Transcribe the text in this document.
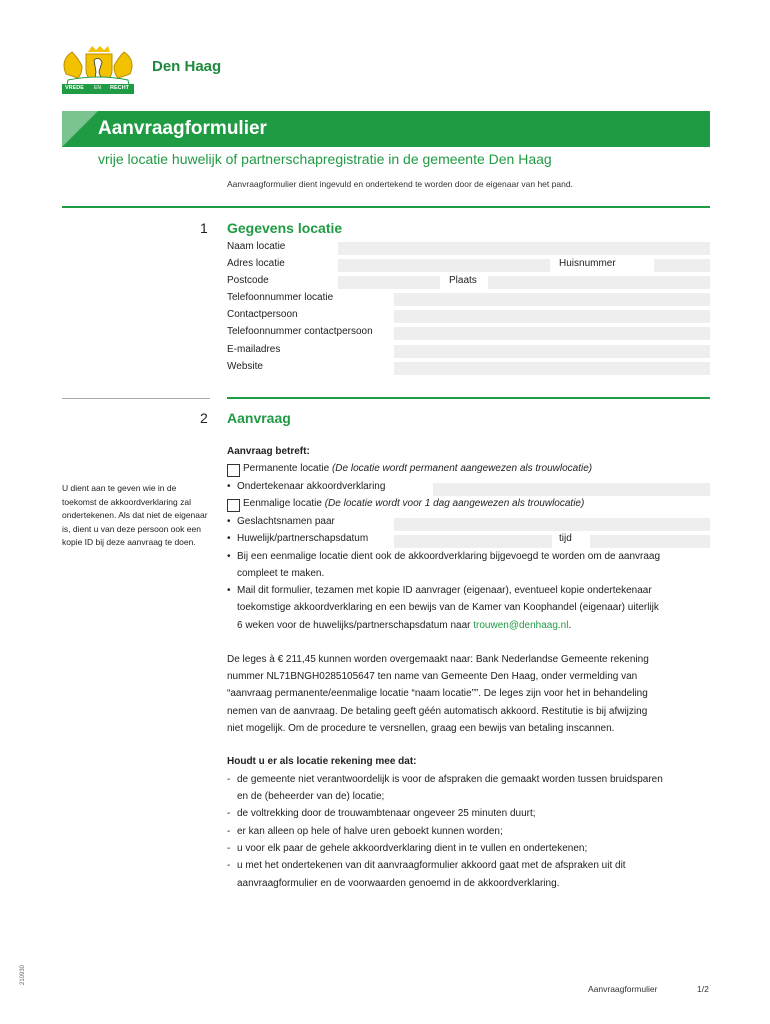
VREDE EN RECHT
Den Haag
Aanvraagformulier
vrije locatie huwelijk of partnerschapregistratie in de gemeente Den Haag
Aanvraagformulier dient ingevuld en ondertekend te worden door de eigenaar van het pand.
1 Gegevens locatie
Naam locatie
Adres locatie	Huisnummer
Postcode	Plaats
Telefoonnummer locatie
Contactpersoon
Telefoonnummer contactpersoon
E-mailadres
Website
2 Aanvraag
U dient aan te geven wie in de toekomst de akkoordverklaring zal ondertekenen. Als dat niet de eigenaar is, dient u van deze persoon ook een kopie ID bij deze aanvraag te doen.
Aanvraag betreft:
Permanente locatie (De locatie wordt permanent aangewezen als trouwlocatie)
• Ondertekenaar akkoordverklaring
Eenmalige locatie (De locatie wordt voor 1 dag aangewezen als trouwlocatie)
• Geslachtsnamen paar
• Huwelijk/partnerschapsdatum	tijd
• Bij een eenmalige locatie dient ook de akkoordverklaring bijgevoegd te worden om de aanvraag
compleet te maken.
• Mail dit formulier, tezamen met kopie ID aanvrager (eigenaar), eventueel kopie ondertekenaar
toekomstige akkoordverklaring en een bewijs van de Kamer van Koophandel (eigenaar) uiterlijk
6 weken voor de huwelijks/partnerschapsdatum naar trouwen@denhaag.nl.
De leges à € 211,45 kunnen worden overgemaakt naar: Bank Nederlandse Gemeente rekening
nummer NL71BNGH0285105647 ten name van Gemeente Den Haag, onder vermelding van
“aanvraag permanente/eenmalige locatie “naam locatie””. De leges zijn voor het in behandeling
nemen van de aanvraag. De betaling geeft géén automatisch akkoord. Restitutie is bij afwijzing
niet mogelijk. Om de procedure te versnellen, graag een bewijs van betaling inscannen.
Houdt u er als locatie rekening mee dat:
- de gemeente niet verantwoordelijk is voor de afspraken die gemaakt worden tussen bruidsparen
en de (beheerder van de) locatie;
- de voltrekking door de trouwambtenaar ongeveer 25 minuten duurt;
- er kan alleen op hele of halve uren geboekt kunnen worden;
- u voor elk paar de gehele akkoordverklaring dient in te vullen en ondertekenen;
- u met het ondertekenen van dit aanvraagformulier akkoord gaat met de afspraken uit dit
aanvraagformulier en de voorwaarden genoemd in de akkoordverklaring.
210930
Aanvraagformulier	1/2
